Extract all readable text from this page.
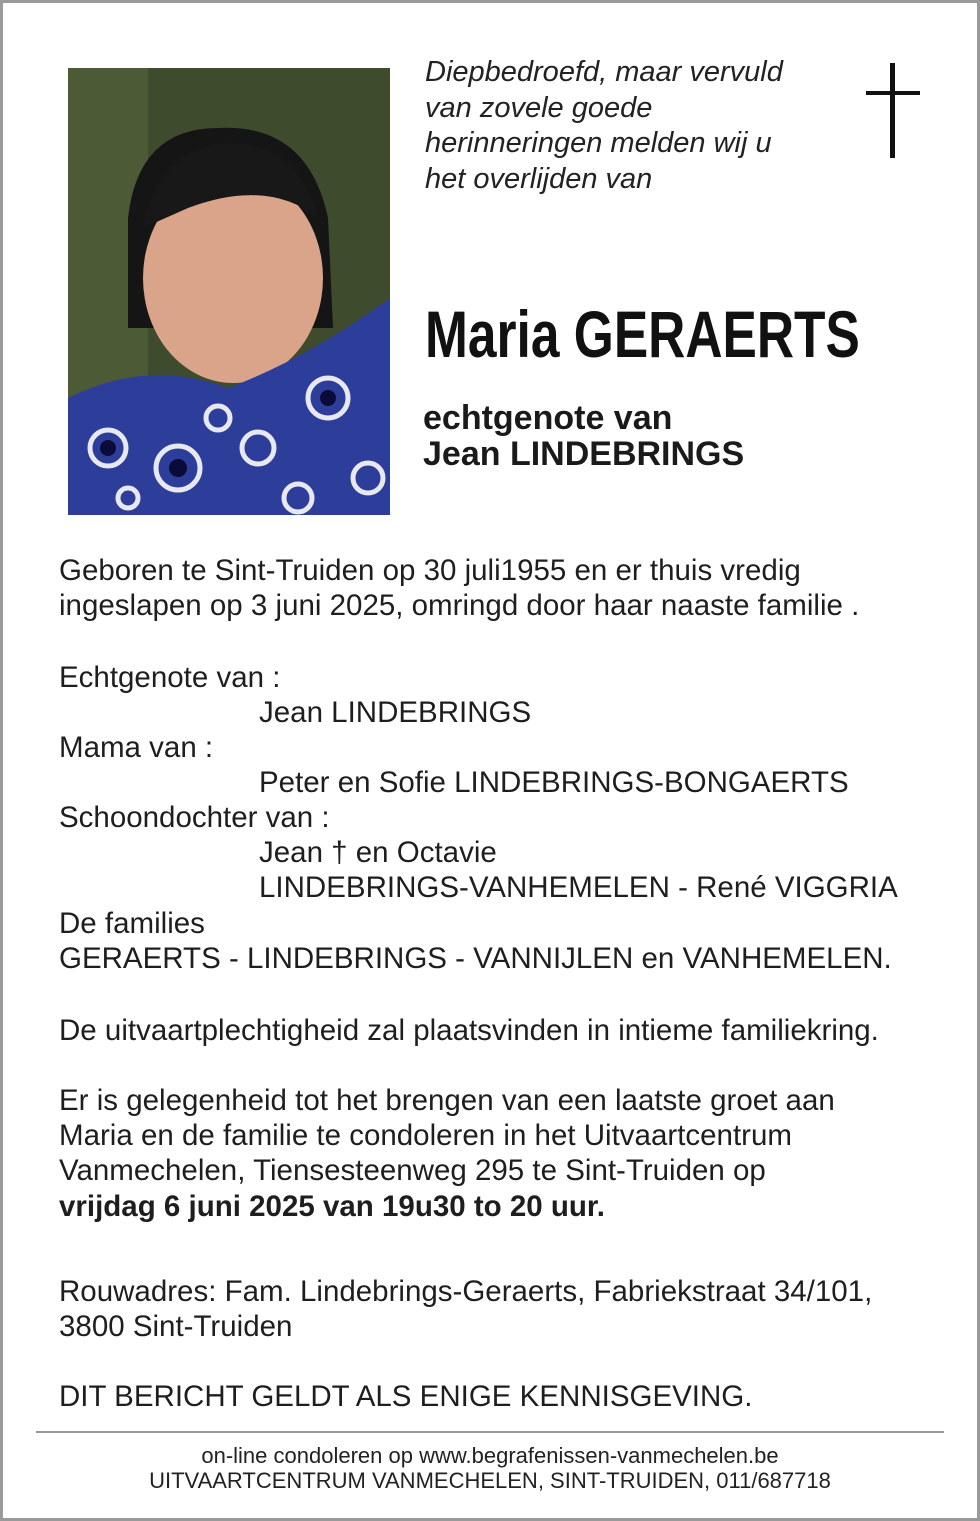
Diepbedroefd, maar vervuld
van zovele goede
herinneringen melden wij u
het overlijden van
Maria GERAERTS
echtgenote van
Jean LINDEBRINGS
Geboren te Sint-Truiden op 30 juli1955 en er thuis vredig
ingeslapen op 3 juni 2025, omringd door haar naaste familie .
Echtgenote van :
Jean LINDEBRINGS
Mama van :
Peter en Sofie LINDEBRINGS-BONGAERTS
Schoondochter van :
Jean † en Octavie
LINDEBRINGS-VANHEMELEN - René VIGGRIA
De families
GERAERTS - LINDEBRINGS - VANNIJLEN en VANHEMELEN.
De uitvaartplechtigheid zal plaatsvinden in intieme familiekring.
Er is gelegenheid tot het brengen van een laatste groet aan
Maria en de familie te condoleren in het Uitvaartcentrum
Vanmechelen, Tiensesteenweg 295 te Sint-Truiden op
vrijdag 6 juni 2025 van 19u30 to 20 uur.
Rouwadres: Fam. Lindebrings-Geraerts, Fabriekstraat 34/101,
3800 Sint-Truiden
DIT BERICHT GELDT ALS ENIGE KENNISGEVING.
on-line condoleren op www.begrafenissen-vanmechelen.be
UITVAARTCENTRUM VANMECHELEN, SINT-TRUIDEN, 011/687718
